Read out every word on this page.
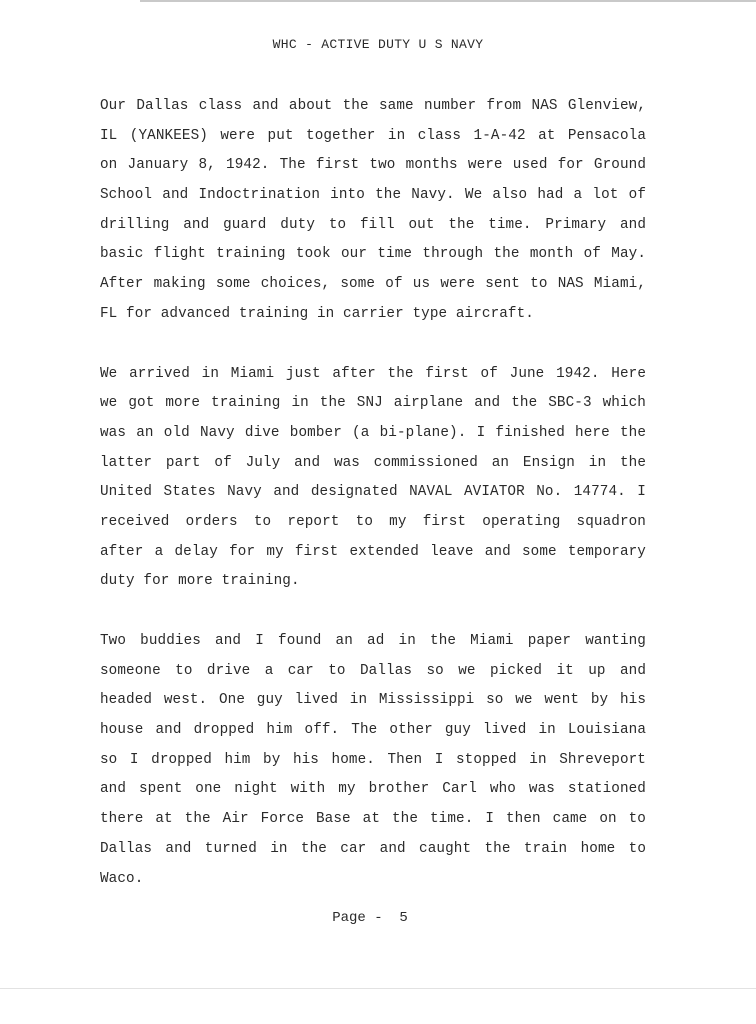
WHC - ACTIVE DUTY U S NAVY
Our Dallas class and about the same number from NAS Glenview,
IL (YANKEES) were put together in class 1-A-42 at Pensacola
on January 8, 1942. The first two months were used for Ground
School and Indoctrination into the Navy. We also had a lot of
drilling and guard duty to fill out the time. Primary and
basic flight training took our time through the month of May.
After making some choices, some of us were sent to NAS Miami,
FL for advanced training in carrier type aircraft.
We arrived in Miami just after the first of June 1942. Here
we got more training in the SNJ airplane and the SBC-3 which
was an old Navy dive bomber (a bi-plane). I finished here the
latter part of July and was commissioned an Ensign in the
United States Navy and designated NAVAL AVIATOR No. 14774. I
received orders to report to my first operating squadron
after a delay for my first extended leave and some temporary
duty for more training.
Two buddies and I found an ad in the Miami paper wanting
someone to drive a car to Dallas so we picked it up and
headed west. One guy lived in Mississippi so we went by his
house and dropped him off. The other guy lived in Louisiana
so I dropped him by his home. Then I stopped in Shreveport
and spent one night with my brother Carl who was stationed
there at the Air Force Base at the time. I then came on to
Dallas and turned in the car and caught the train home to
Waco.
Page -  5
